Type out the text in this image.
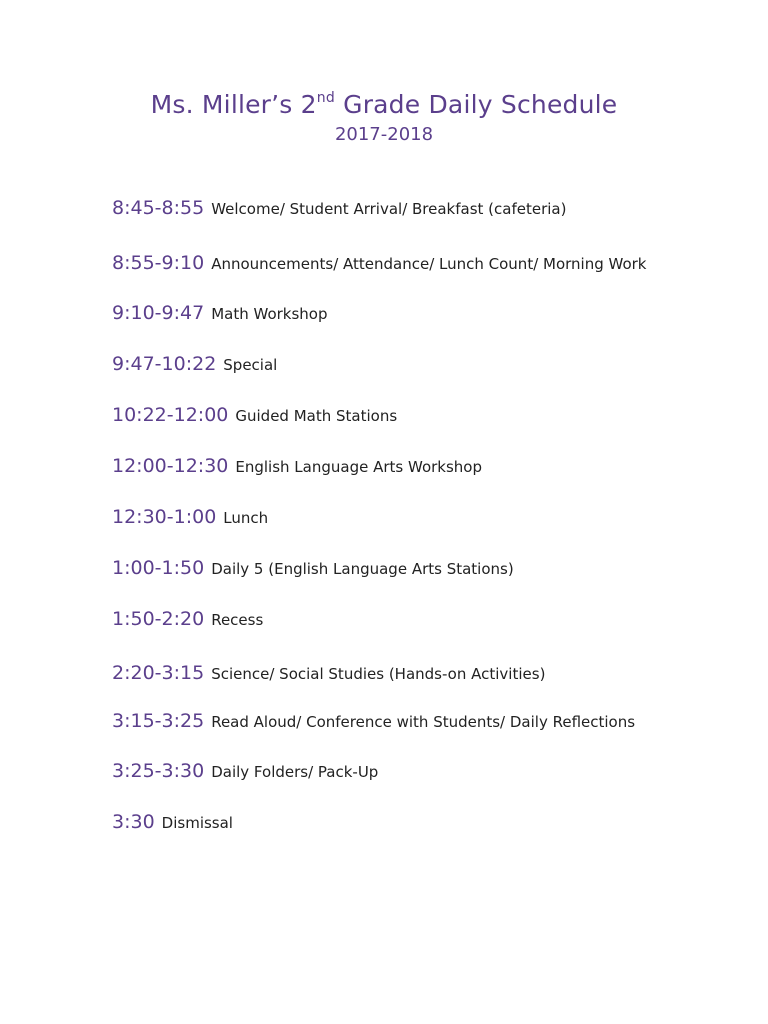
Ms. Miller’s 2nd Grade Daily Schedule
2017-2018
8:45-8:55 Welcome/ Student Arrival/ Breakfast (cafeteria)
8:55-9:10 Announcements/ Attendance/ Lunch Count/ Morning Work
9:10-9:47 Math Workshop
9:47-10:22 Special
10:22-12:00 Guided Math Stations
12:00-12:30 English Language Arts Workshop
12:30-1:00 Lunch
1:00-1:50 Daily 5 (English Language Arts Stations)
1:50-2:20 Recess
2:20-3:15 Science/ Social Studies (Hands-on Activities)
3:15-3:25 Read Aloud/ Conference with Students/ Daily Reflections
3:25-3:30 Daily Folders/ Pack-Up
3:30 Dismissal
